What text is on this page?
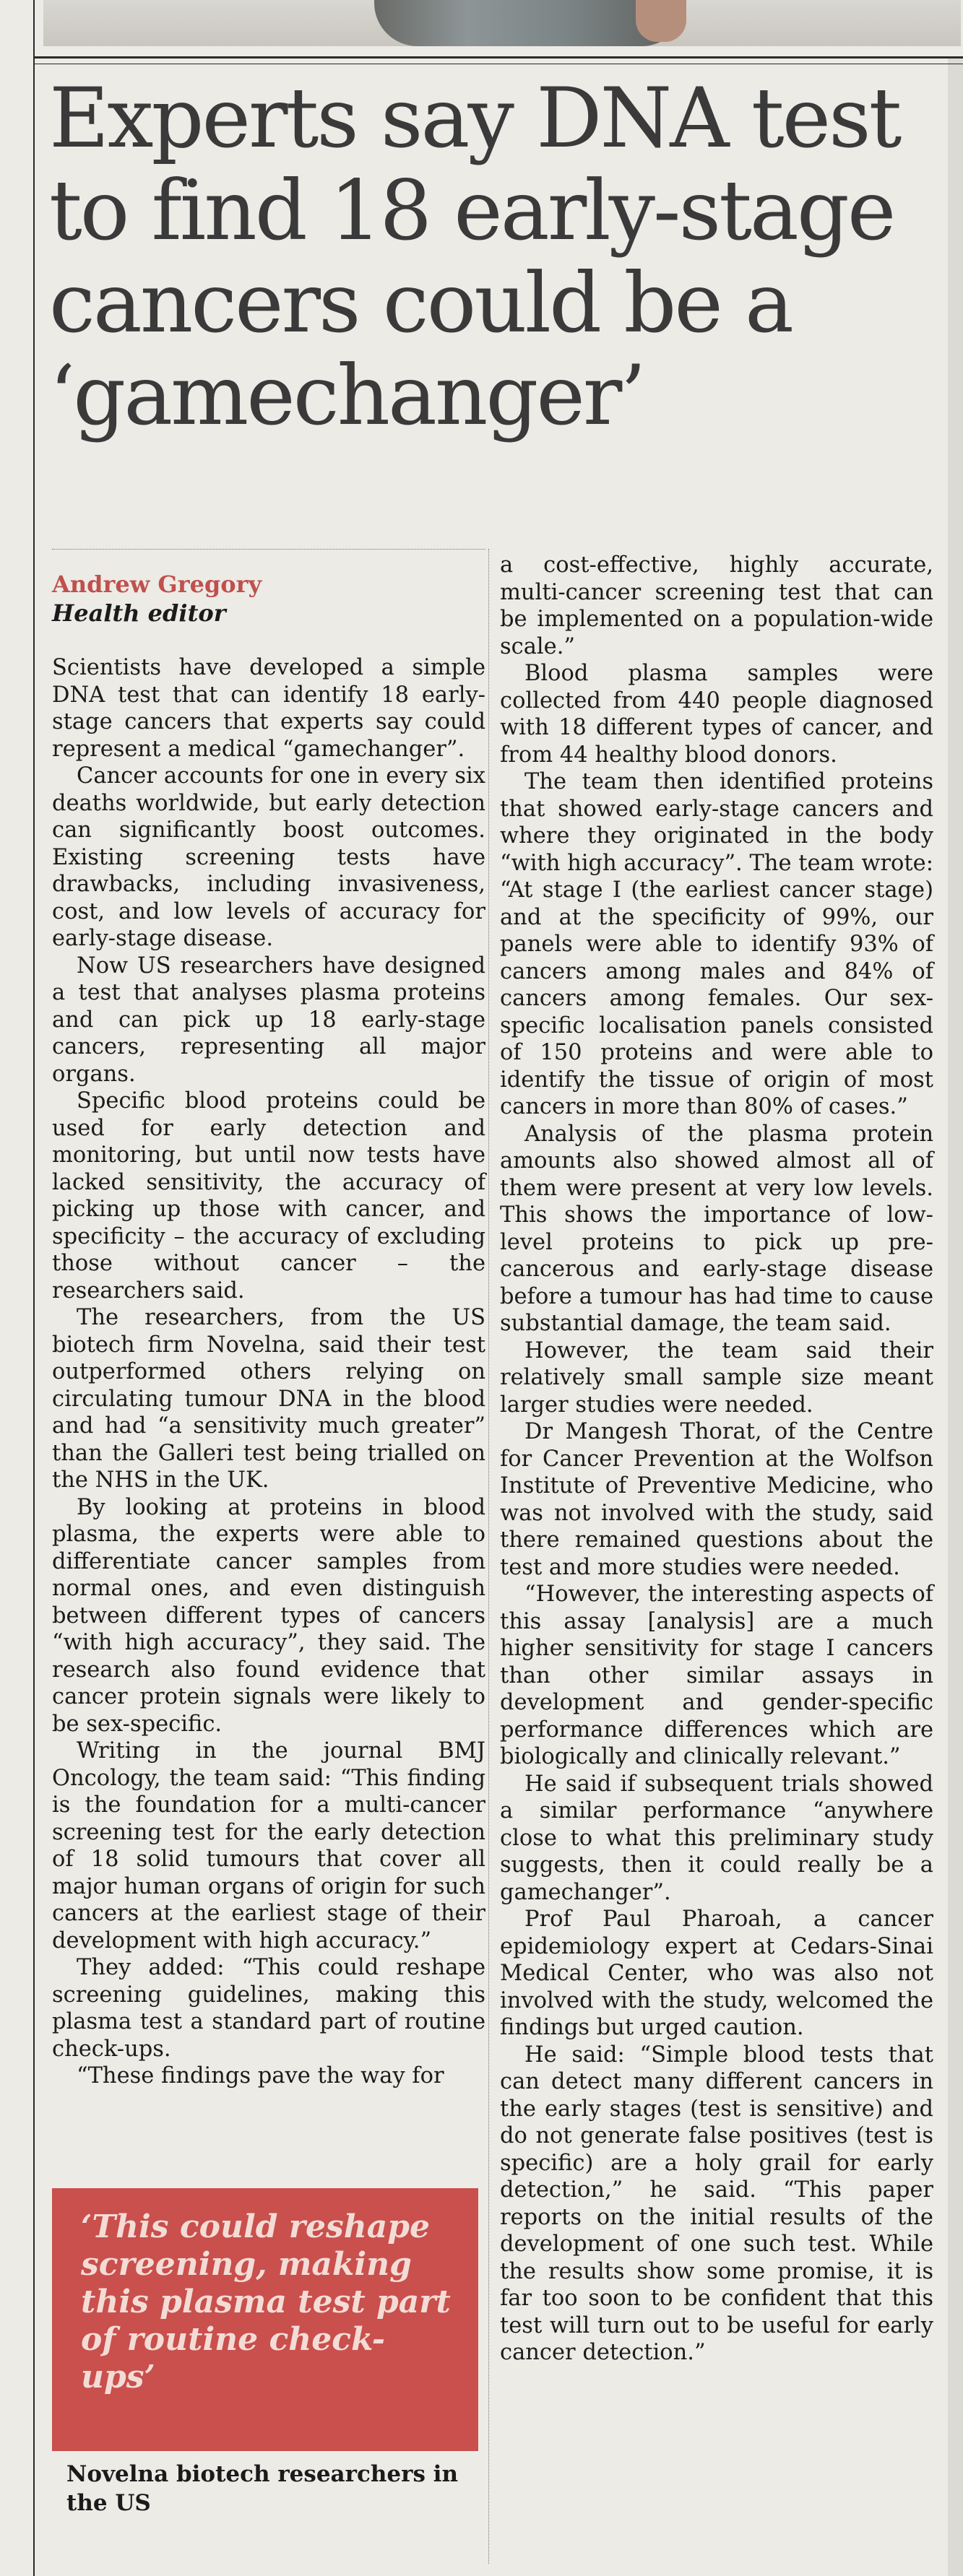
Experts say DNA test to find 18 early-stage cancers could be a ‘gamechanger’
Andrew Gregory
Health editor

Scientists have developed a simple DNA test that can identify 18 early-stage cancers that experts say could represent a medical “gamechanger”.

Cancer accounts for one in every six deaths worldwide, but early detection can significantly boost outcomes. Existing screening tests have drawbacks, including invasiveness, cost, and low levels of accuracy for early-stage disease.

Now US researchers have designed a test that analyses plasma proteins and can pick up 18 early-stage cancers, representing all major organs.

Specific blood proteins could be used for early detection and monitoring, but until now tests have lacked sensitivity, the accuracy of picking up those with cancer, and specificity – the accuracy of excluding those without cancer – the researchers said.

The researchers, from the US biotech firm Novelna, said their test outperformed others relying on circulating tumour DNA in the blood and had “a sensitivity much greater” than the Galleri test being trialled on the NHS in the UK.

By looking at proteins in blood plasma, the experts were able to differentiate cancer samples from normal ones, and even distinguish between different types of cancers “with high accuracy”, they said. The research also found evidence that cancer protein signals were likely to be sex-specific.

Writing in the journal BMJ Oncology, the team said: “This finding is the foundation for a multi-cancer screening test for the early detection of 18 solid tumours that cover all major human organs of origin for such cancers at the earliest stage of their development with high accuracy.”

They added: “This could reshape screening guidelines, making this plasma test a standard part of routine check-ups.

“These findings pave the way for

a cost-effective, highly accurate, multi-cancer screening test that can be implemented on a population-wide scale.”

Blood plasma samples were collected from 440 people diagnosed with 18 different types of cancer, and from 44 healthy blood donors.

The team then identified proteins that showed early-stage cancers and where they originated in the body “with high accuracy”. The team wrote: “At stage I (the earliest cancer stage) and at the specificity of 99%, our panels were able to identify 93% of cancers among males and 84% of cancers among females. Our sex-specific localisation panels consisted of 150 proteins and were able to identify the tissue of origin of most cancers in more than 80% of cases.”

Analysis of the plasma protein amounts also showed almost all of them were present at very low levels. This shows the importance of low-level proteins to pick up pre-cancerous and early-stage disease before a tumour has had time to cause substantial damage, the team said.

However, the team said their relatively small sample size meant larger studies were needed.

Dr Mangesh Thorat, of the Centre for Cancer Prevention at the Wolfson Institute of Preventive Medicine, who was not involved with the study, said there remained questions about the test and more studies were needed.

“However, the interesting aspects of this assay [analysis] are a much higher sensitivity for stage I cancers than other similar assays in development and gender-specific performance differences which are biologically and clinically relevant.”

He said if subsequent trials showed a similar performance “anywhere close to what this preliminary study suggests, then it could really be a gamechanger”.

Prof Paul Pharoah, a cancer epidemiology expert at Cedars-Sinai Medical Center, who was also not involved with the study, welcomed the findings but urged caution.

He said: “Simple blood tests that can detect many different cancers in the early stages (test is sensitive) and do not generate false positives (test is specific) are a holy grail for early detection,” he said. “This paper reports on the initial results of the development of one such test. While the results show some promise, it is far too soon to be confident that this test will turn out to be useful for early cancer detection.”

‘This could reshape screening, making this plasma test part of routine check-ups’

Novelna biotech researchers in the US
